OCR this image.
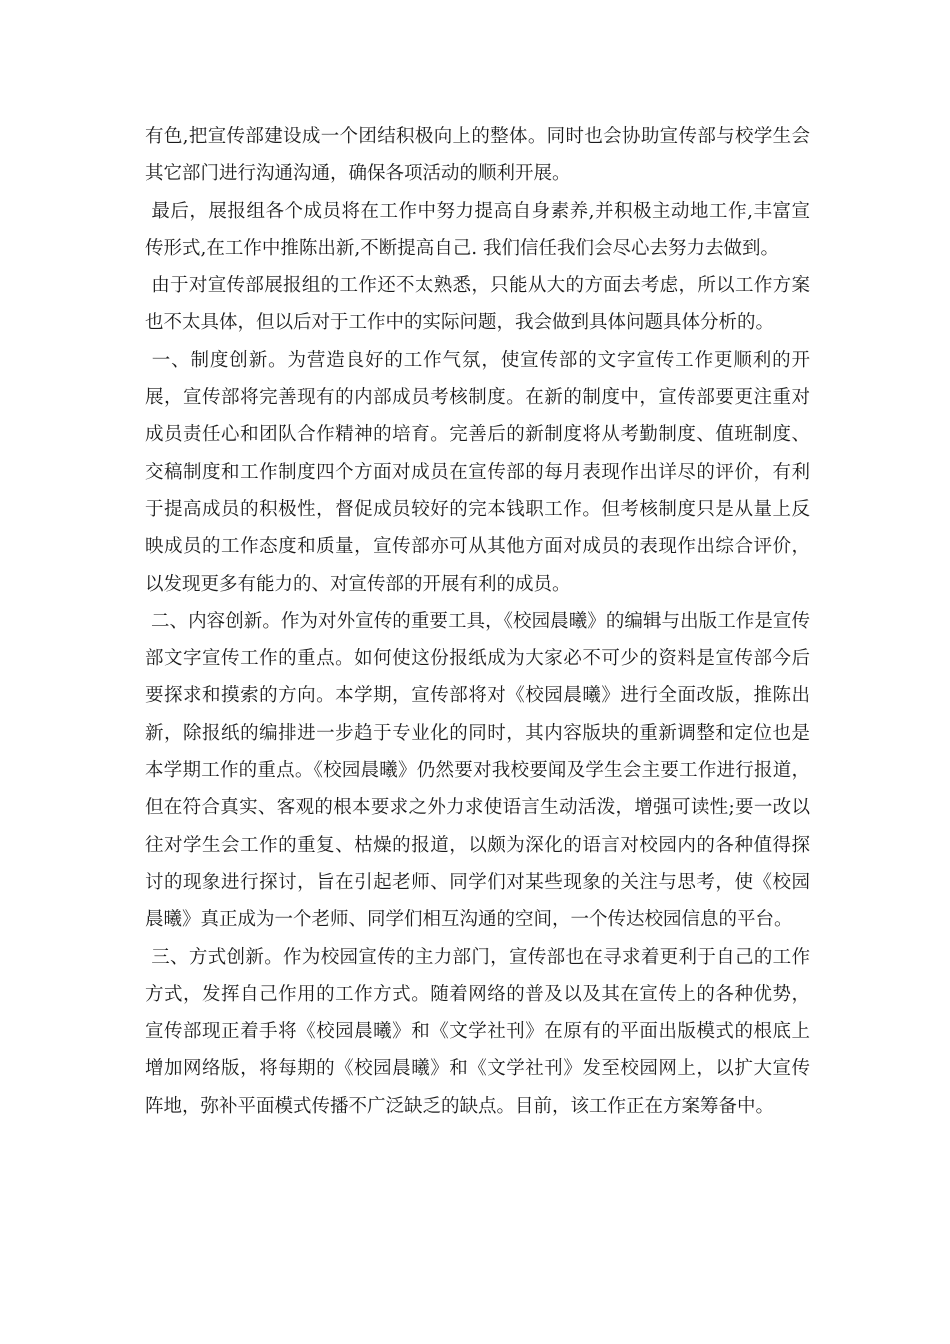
有色,把宣传部建设成一个团结积极向上的整体。同时也会协助宣传部与校学生会其它部门进行沟通沟通，确保各项活动的顺利开展。

最后，展报组各个成员将在工作中努力提高自身素养,并积极主动地工作,丰富宣传形式,在工作中推陈出新,不断提高自己. 我们信任我们会尽心去努力去做到。

由于对宣传部展报组的工作还不太熟悉，只能从大的方面去考虑，所以工作方案也不太具体，但以后对于工作中的实际问题，我会做到具体问题具体分析的。

一、制度创新。为营造良好的工作气氛，使宣传部的文字宣传工作更顺利的开展，宣传部将完善现有的内部成员考核制度。在新的制度中，宣传部要更注重对成员责任心和团队合作精神的培育。完善后的新制度将从考勤制度、值班制度、交稿制度和工作制度四个方面对成员在宣传部的每月表现作出详尽的评价，有利于提高成员的积极性，督促成员较好的完本钱职工作。但考核制度只是从量上反映成员的工作态度和质量，宣传部亦可从其他方面对成员的表现作出综合评价，以发现更多有能力的、对宣传部的开展有利的成员。

二、内容创新。作为对外宣传的重要工具，《校园晨曦》的编辑与出版工作是宣传部文字宣传工作的重点。如何使这份报纸成为大家必不可少的资料是宣传部今后要探求和摸索的方向。本学期，宣传部将对《校园晨曦》进行全面改版，推陈出新，除报纸的编排进一步趋于专业化的同时，其内容版块的重新调整和定位也是本学期工作的重点。《校园晨曦》仍然要对我校要闻及学生会主要工作进行报道，但在符合真实、客观的根本要求之外力求使语言生动活泼，增强可读性;要一改以往对学生会工作的重复、枯燥的报道，以颇为深化的语言对校园内的各种值得探讨的现象进行探讨，旨在引起老师、同学们对某些现象的关注与思考，使《校园晨曦》真正成为一个老师、同学们相互沟通的空间，一个传达校园信息的平台。

三、方式创新。作为校园宣传的主力部门，宣传部也在寻求着更利于自己的工作方式，发挥自己作用的工作方式。随着网络的普及以及其在宣传上的各种优势，宣传部现正着手将《校园晨曦》和《文学社刊》在原有的平面出版模式的根底上增加网络版，将每期的《校园晨曦》和《文学社刊》发至校园网上，以扩大宣传阵地，弥补平面模式传播不广泛缺乏的缺点。目前，该工作正在方案筹备中。
